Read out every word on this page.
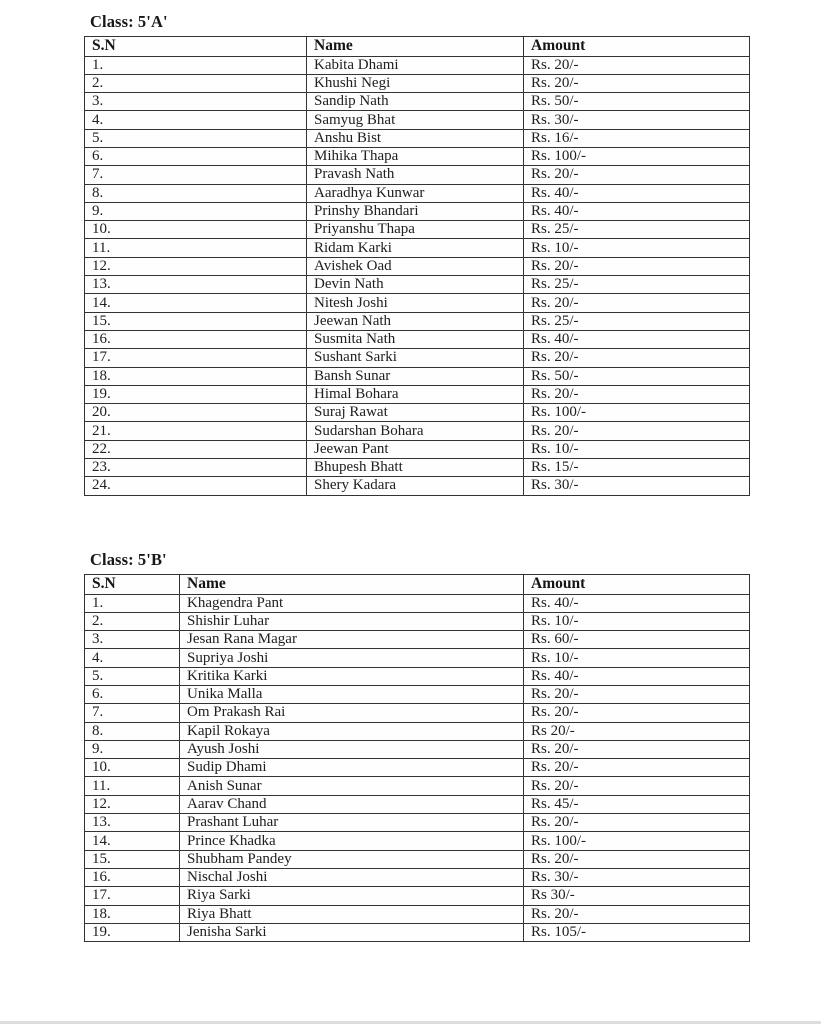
Class: 5'A'
S.N	Name	Amount
1.	Kabita Dhami	Rs. 20/-
2.	Khushi Negi	Rs. 20/-
3.	Sandip Nath	Rs. 50/-
4.	Samyug Bhat	Rs. 30/-
5.	Anshu Bist	Rs. 16/-
6.	Mihika Thapa	Rs. 100/-
7.	Pravash Nath	Rs. 20/-
8.	Aaradhya Kunwar	Rs. 40/-
9.	Prinshy Bhandari	Rs. 40/-
10.	Priyanshu Thapa	Rs. 25/-
11.	Ridam Karki	Rs. 10/-
12.	Avishek Oad	Rs. 20/-
13.	Devin Nath	Rs. 25/-
14.	Nitesh Joshi	Rs. 20/-
15.	Jeewan Nath	Rs. 25/-
16.	Susmita Nath	Rs. 40/-
17.	Sushant Sarki	Rs. 20/-
18.	Bansh Sunar	Rs. 50/-
19.	Himal Bohara	Rs. 20/-
20.	Suraj Rawat	Rs. 100/-
21.	Sudarshan Bohara	Rs. 20/-
22.	Jeewan Pant	Rs. 10/-
23.	Bhupesh Bhatt	Rs. 15/-
24.	Shery Kadara	Rs. 30/-
Class: 5'B'
S.N	Name	Amount
1.	Khagendra Pant	Rs. 40/-
2.	Shishir Luhar	Rs. 10/-
3.	Jesan Rana Magar	Rs. 60/-
4.	Supriya Joshi	Rs. 10/-
5.	Kritika Karki	Rs. 40/-
6.	Unika Malla	Rs. 20/-
7.	Om Prakash Rai	Rs. 20/-
8.	Kapil Rokaya	Rs 20/-
9.	Ayush Joshi	Rs. 20/-
10.	Sudip Dhami	Rs. 20/-
11.	Anish Sunar	Rs. 20/-
12.	Aarav Chand	Rs. 45/-
13.	Prashant Luhar	Rs. 20/-
14.	Prince Khadka	Rs. 100/-
15.	Shubham Pandey	Rs. 20/-
16.	Nischal Joshi	Rs. 30/-
17.	Riya Sarki	Rs 30/-
18.	Riya Bhatt	Rs. 20/-
19.	Jenisha Sarki	Rs. 105/-
